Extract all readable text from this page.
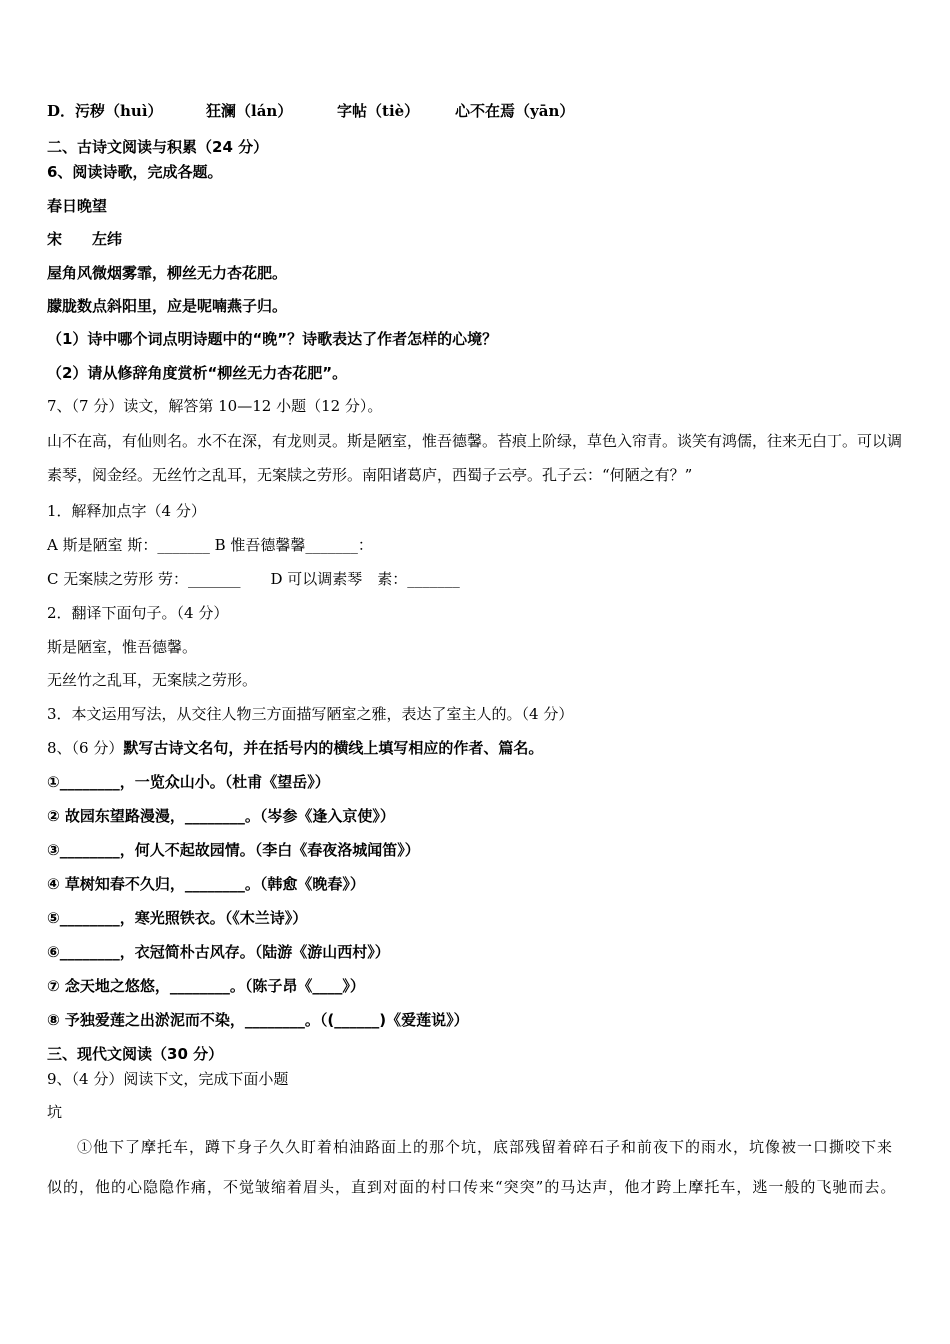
D．污秽（huì）	狂澜（lán）	字帖（tiè） 心不在焉（yān）
二、古诗文阅读与积累（24 分）
6、阅读诗歌，完成各题。
春日晚望
宋　　左纬
屋角风微烟雾霏，柳丝无力杏花肥。
朦胧数点斜阳里，应是呢喃燕子归。
（1）诗中哪个词点明诗题中的“晚”？诗歌表达了作者怎样的心境？
（2）请从修辞角度赏析“柳丝无力杏花肥”。
7、（7 分）读文，解答第 10—12 小题（12 分）。
山不在高，有仙则名。水不在深，有龙则灵。斯是陋室，惟吾德馨。苔痕上阶绿，草色入帘青。谈笑有鸿儒，往来无白丁。可以调素琴，阅金经。无丝竹之乱耳，无案牍之劳形。南阳诸葛庐，西蜀子云亭。孔子云：“何陋之有？”
1．解释加点字（4 分）
A 斯是陋室 斯：_______ B 惟吾德馨馨_______：
C 无案牍之劳形 劳：_______　　D 可以调素琴　素：_______
2．翻译下面句子。（4 分）
斯是陋室，惟吾德馨。
无丝竹之乱耳，无案牍之劳形。
3．本文运用写法，从交往人物三方面描写陋室之雅，表达了室主人的。（4 分）
8、（6 分）默写古诗文名句，并在括号内的横线上填写相应的作者、篇名。
①________，一览众山小。（杜甫《望岳》）
② 故园东望路漫漫，________。（岑参《逢入京使》）
③________，何人不起故园情。（李白《春夜洛城闻笛》）
④ 草树知春不久归，________。（韩愈《晚春》）
⑤________，寒光照铁衣。（《木兰诗》）
⑥________，衣冠简朴古风存。（陆游《游山西村》）
⑦ 念天地之悠悠，________。（陈子昂《____》）
⑧ 予独爱莲之出淤泥而不染，________。（(______)《爱莲说》）
三、现代文阅读（30 分）
9、（4 分）阅读下文，完成下面小题
坑
①他下了摩托车，蹲下身子久久盯着柏油路面上的那个坑，底部残留着碎石子和前夜下的雨水，坑像被一口撕咬下来似的，他的心隐隐作痛，不觉皱缩着眉头，直到对面的村口传来“突突”的马达声，他才跨上摩托车，逃一般的飞驰而去。
